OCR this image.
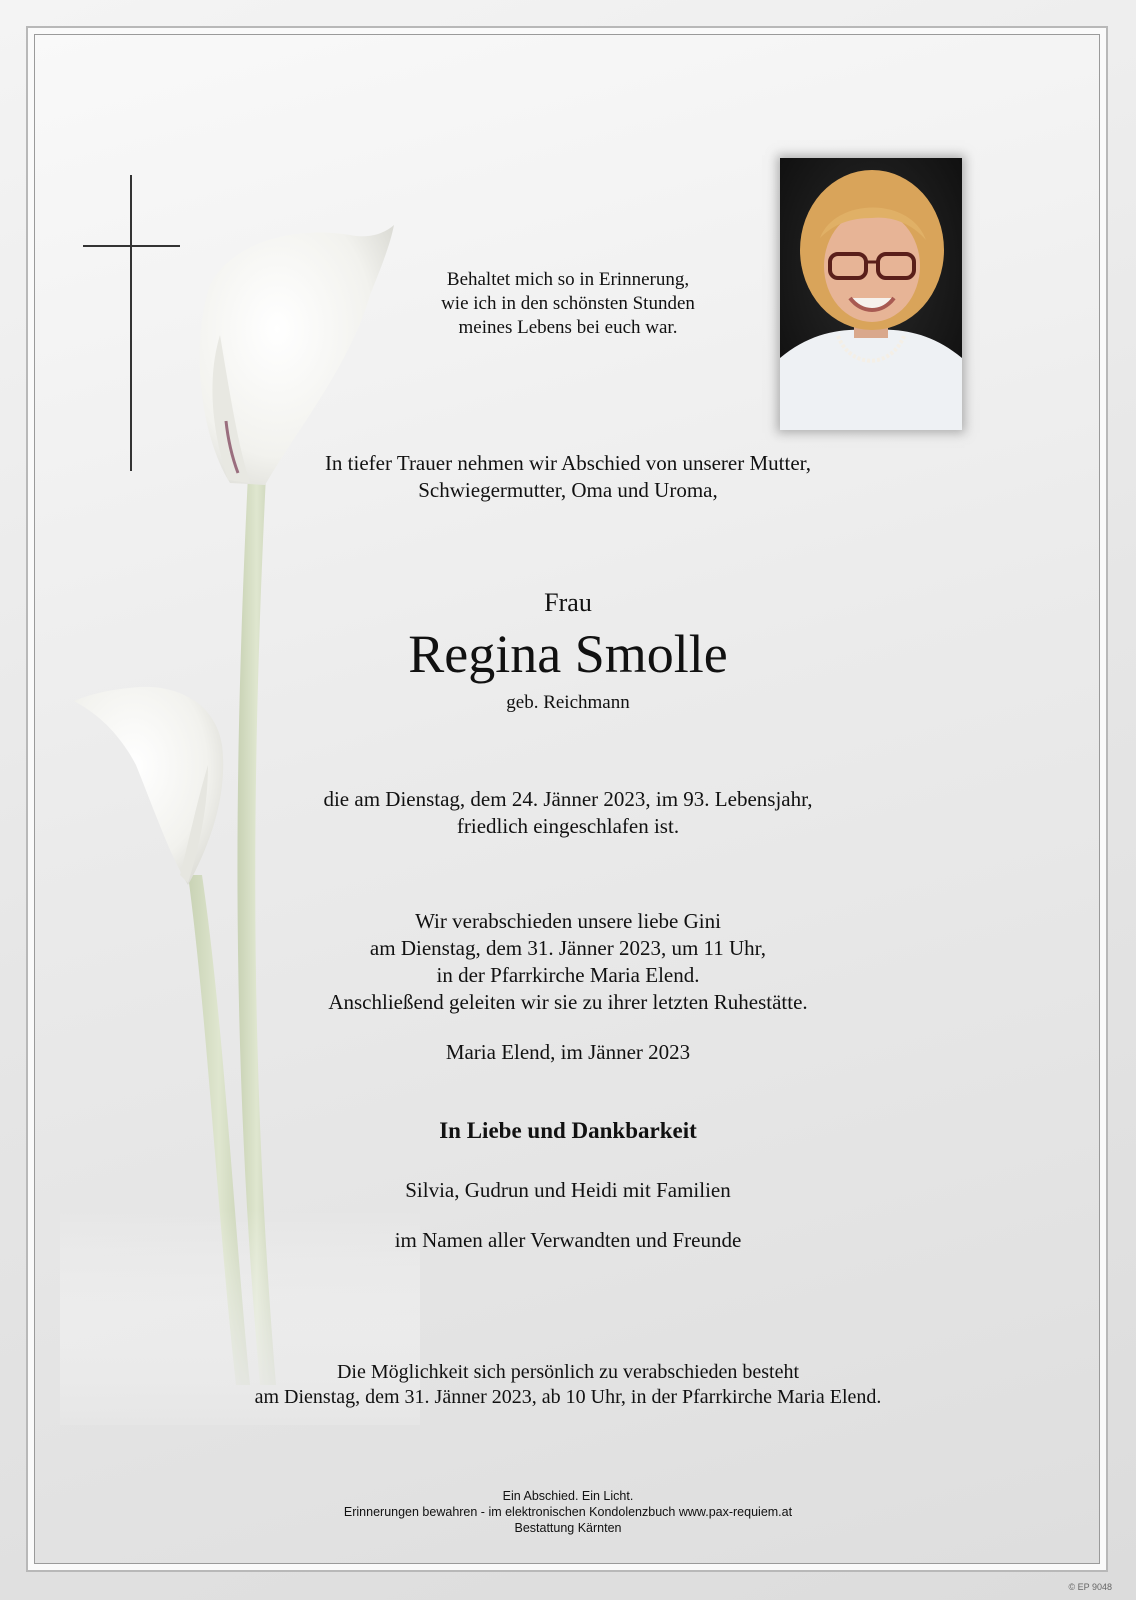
Behaltet mich so in Erinnerung,
wie ich in den schönsten Stunden
meines Lebens bei euch war.

In tiefer Trauer nehmen wir Abschied von unserer Mutter,
Schwiegermutter, Oma und Uroma,

Frau

Regina Smolle

geb. Reichmann

die am Dienstag, dem 24. Jänner 2023, im 93. Lebensjahr,
friedlich eingeschlafen ist.

Wir verabschieden unsere liebe Gini
am Dienstag, dem 31. Jänner 2023, um 11 Uhr,
in der Pfarrkirche Maria Elend.
Anschließend geleiten wir sie zu ihrer letzten Ruhestätte.

Maria Elend, im Jänner 2023

In Liebe und Dankbarkeit

Silvia, Gudrun und Heidi mit Familien

im Namen aller Verwandten und Freunde

Die Möglichkeit sich persönlich zu verabschieden besteht
am Dienstag, dem 31. Jänner 2023, ab 10 Uhr, in der Pfarrkirche Maria Elend.

Ein Abschied. Ein Licht.
Erinnerungen bewahren - im elektronischen Kondolenzbuch www.pax-requiem.at
Bestattung Kärnten

© EP 9048
